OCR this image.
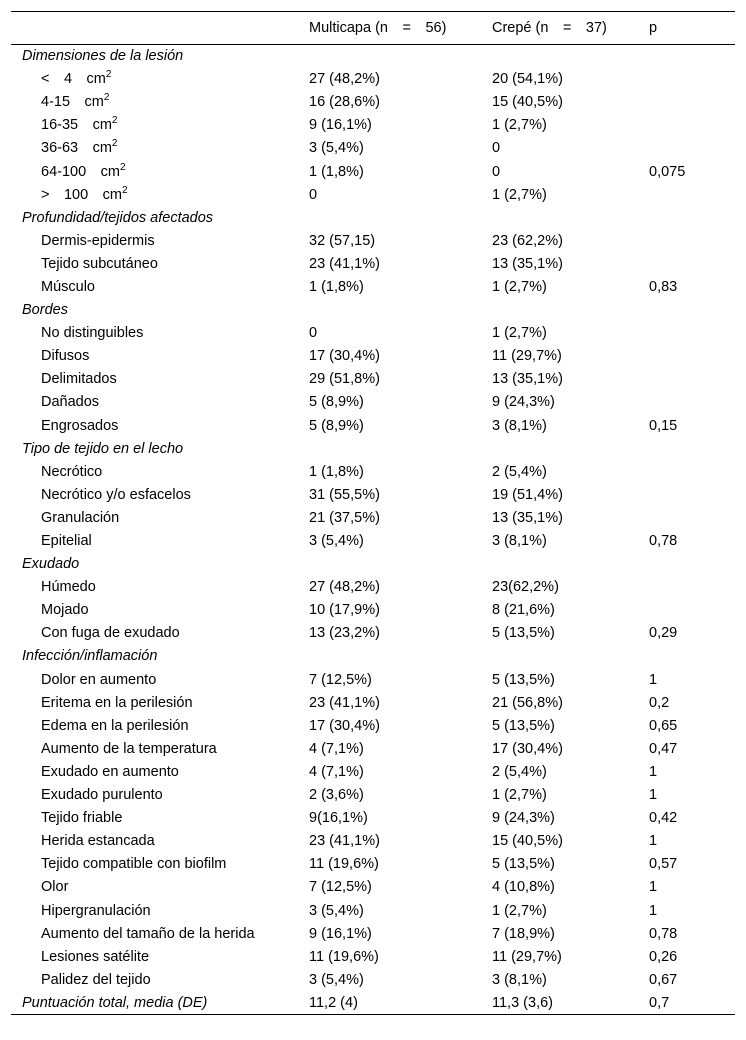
	Multicapa (n = 56)	Crepé (n = 37)	p
Dimensiones de la lesión			
< 4 $cm^2$	27 (48,2%)	20 (54,1%)	
4-15 $cm^2$	16 (28,6%)	15 (40,5%)	
16-35 $cm^2$	9 (16,1%)	1 (2,7%)	
36-63 $cm^2$	3 (5,4%)	0	
64-100 $cm^2$	1 (1,8%)	0	0,075
> 100 $cm^2$	0	1 (2,7%)	
Profundidad/tejidos afectados			
Dermis-epidermis	32 (57,15)	23 (62,2%)	
Tejido subcutáneo	23 (41,1%)	13 (35,1%)	
Músculo	1 (1,8%)	1 (2,7%)	0,83
Bordes			
No distinguibles	0	1 (2,7%)	
Difusos	17 (30,4%)	11 (29,7%)	
Delimitados	29 (51,8%)	13 (35,1%)	
Dañados	5 (8,9%)	9 (24,3%)	
Engrosados	5 (8,9%)	3 (8,1%)	0,15
Tipo de tejido en el lecho			
Necrótico	1 (1,8%)	2 (5,4%)	
Necrótico y/o esfacelos	31 (55,5%)	19 (51,4%)	
Granulación	21 (37,5%)	13 (35,1%)	
Epitelial	3 (5,4%)	3 (8,1%)	0,78
Exudado			
Húmedo	27 (48,2%)	23(62,2%)	
Mojado	10 (17,9%)	8 (21,6%)	
Con fuga de exudado	13 (23,2%)	5 (13,5%)	0,29
Infección/inflamación			
Dolor en aumento	7 (12,5%)	5 (13,5%)	1
Eritema en la perilesión	23 (41,1%)	21 (56,8%)	0,2
Edema en la perilesión	17 (30,4%)	5 (13,5%)	0,65
Aumento de la temperatura	4 (7,1%)	17 (30,4%)	0,47
Exudado en aumento	4 (7,1%)	2 (5,4%)	1
Exudado purulento	2 (3,6%)	1 (2,7%)	1
Tejido friable	9(16,1%)	9 (24,3%)	0,42
Herida estancada	23 (41,1%)	15 (40,5%)	1
Tejido compatible con biofilm	11 (19,6%)	5 (13,5%)	0,57
Olor	7 (12,5%)	4 (10,8%)	1
Hipergranulación	3 (5,4%)	1 (2,7%)	1
Aumento del tamaño de la herida	9 (16,1%)	7 (18,9%)	0,78
Lesiones satélite	11 (19,6%)	11 (29,7%)	0,26
Palidez del tejido	3 (5,4%)	3 (8,1%)	0,67
Puntuación total, media (DE)	11,2 (4)	11,3 (3,6)	0,7
